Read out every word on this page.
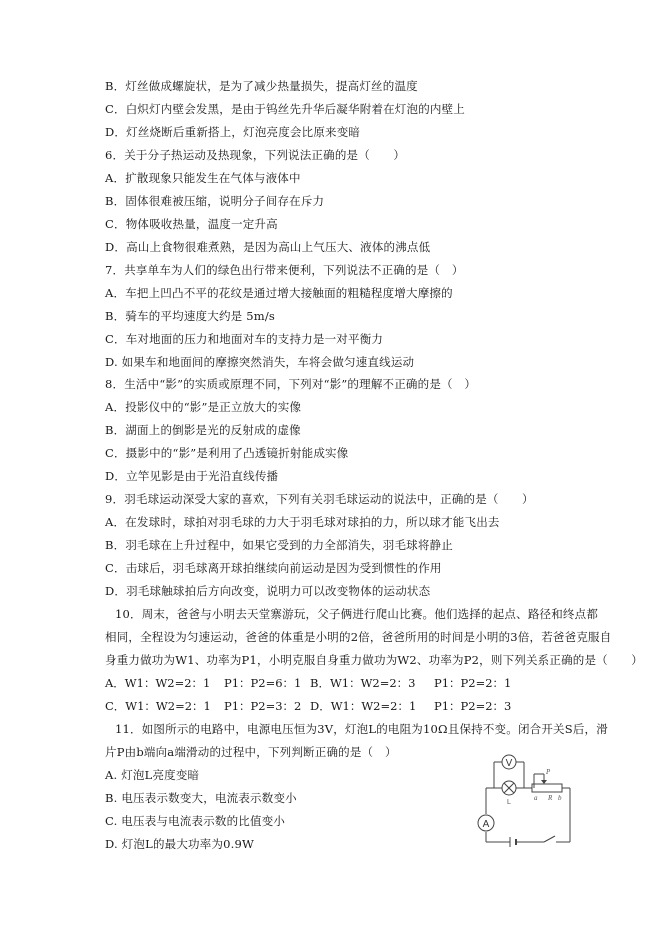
B．灯丝做成螺旋状，是为了减少热量损失，提高灯丝的温度
C．白炽灯内壁会发黑，是由于钨丝先升华后凝华附着在灯泡的内壁上
D．灯丝烧断后重新搭上，灯泡亮度会比原来变暗
6．关于分子热运动及热现象，下列说法正确的是（　　）
A．扩散现象只能发生在气体与液体中
B．固体很难被压缩，说明分子间存在斥力
C．物体吸收热量，温度一定升高
D．高山上食物很难煮熟，是因为高山上气压大、液体的沸点低
7．共享单车为人们的绿色出行带来便利，下列说法不正确的是（　）
A．车把上凹凸不平的花纹是通过增大接触面的粗糙程度增大摩擦的
B．骑车的平均速度大约是 5m/s
C．车对地面的压力和地面对车的支持力是一对平衡力
D. 如果车和地面间的摩擦突然消失，车将会做匀速直线运动
8．生活中“影”的实质或原理不同，下列对“影”的理解不正确的是（　）
A．投影仪中的“影”是正立放大的实像
B．湖面上的倒影是光的反射成的虚像
C．摄影中的“影”是利用了凸透镜折射能成实像
D．立竿见影是由于光沿直线传播
9．羽毛球运动深受大家的喜欢，下列有关羽毛球运动的说法中，正确的是（　　）
A．在发球时，球拍对羽毛球的力大于羽毛球对球拍的力，所以球才能飞出去
B．羽毛球在上升过程中，如果它受到的力全部消失，羽毛球将静止
C．击球后，羽毛球离开球拍继续向前运动是因为受到惯性的作用
D．羽毛球触球拍后方向改变，说明力可以改变物体的运动状态
10．周末，爸爸与小明去天堂寨游玩，父子俩进行爬山比赛。他们选择的起点、路径和终点都
相同，全程设为匀速运动，爸爸的体重是小明的2倍，爸爸所用的时间是小明的3倍，若爸爸克服自
身重力做功为W1、功率为P1，小明克服自身重力做功为W2、功率为P2，则下列关系正确的是（　　）
A．W1：W2=2：1 P1：P2=6：1 B．W1：W2=2：3 P1：P2=2：1
C．W1：W2=2：1 P1：P2=3：2 D．W1：W2=2：1 P1：P2=2：3
11．如图所示的电路中，电源电压恒为3V，灯泡L的电阻为10Ω且保持不变。闭合开关S后，滑
片P由b端向a端滑动的过程中，下列判断正确的是（　）
A. 灯泡L亮度变暗
B. 电压表示数变大，电流表示数变小
C. 电压表与电流表示数的比值变小
D. 灯泡L的最大功率为0.9W
V
L
A
P
a R b
